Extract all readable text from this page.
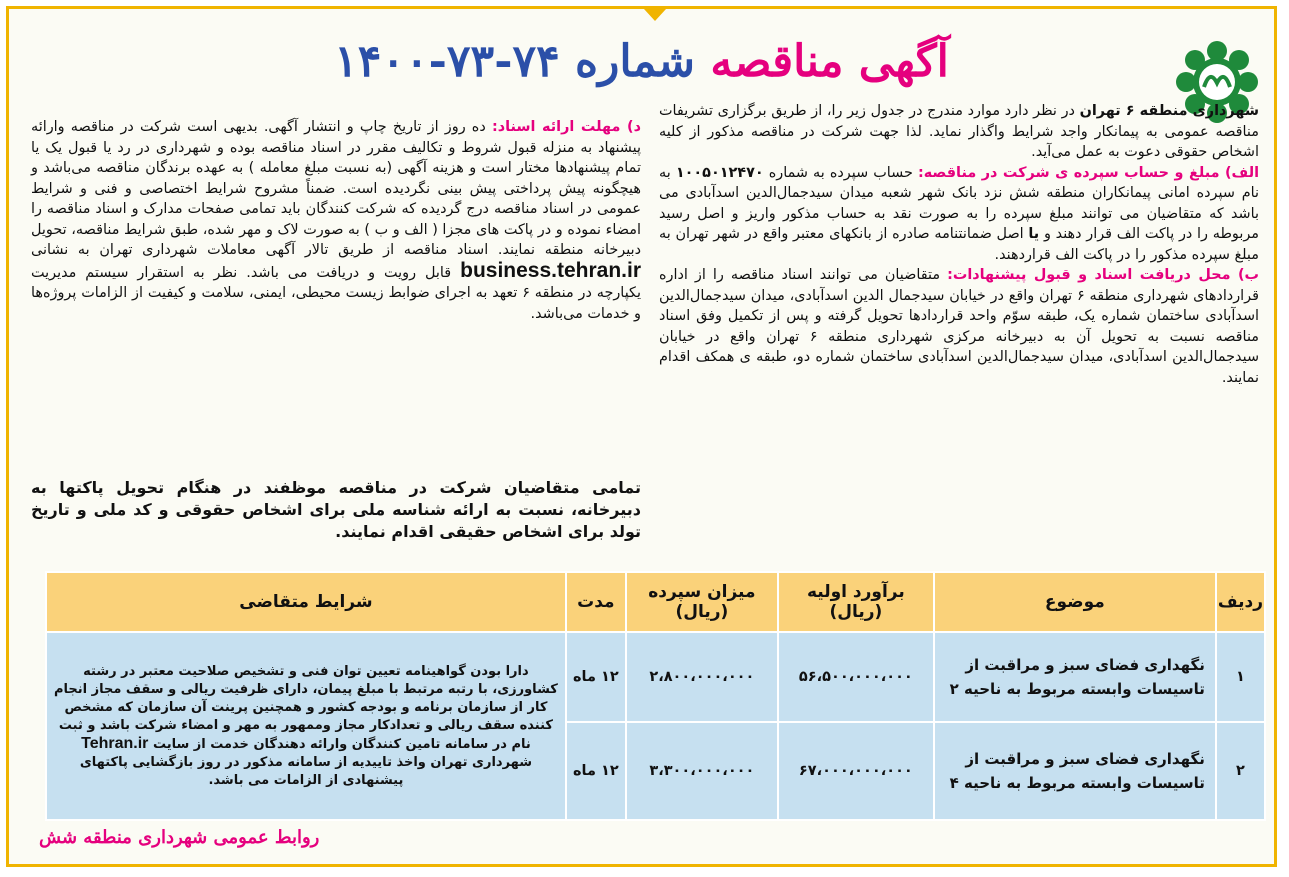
آگهی مناقصه شماره ۷۴-۷۳-۱۴۰۰

شهرداری منطقه ۶ تهران در نظر دارد موارد مندرج در جدول زیر را، از طریق برگزاری تشریفات مناقصه عمومی به پیمانکار واجد شرایط واگذار نماید. لذا جهت شرکت در مناقصه مذکور از کلیه اشخاص حقوقی دعوت به عمل می‌آید.

الف) مبلغ و حساب سپرده ی شرکت در مناقصه: حساب سپرده به شماره ۱۰۰۵۰۱۲۴۷۰ به نام سپرده امانی پیمانکاران منطقه شش نزد بانک شهر شعبه میدان سیدجمال‌الدین اسدآبادی می باشد که متقاضیان می توانند مبلغ سپرده را به صورت نقد به حساب مذکور واریز و اصل رسید مربوطه را در پاکت الف قرار دهند و یا اصل ضمانتنامه صادره از بانکهای معتبر واقع در شهر تهران به مبلغ سپرده مذکور را در پاکت الف قراردهند.

ب) محل دریافت اسناد و قبول پیشنهادات: متقاضیان می توانند اسناد مناقصه را از اداره قراردادهای شهرداری منطقه ۶ تهران واقع در خیابان سیدجمال الدین اسدآبادی، میدان سیدجمال‌الدین اسدآبادی ساختمان شماره یک، طبقه سوّم واحد قراردادها تحویل گرفته و پس از تکمیل وفق اسناد مناقصه نسبت به تحویل آن به دبیرخانه مرکزی شهرداری منطقه ۶ تهران واقع در خیابان سیدجمال‌الدین اسدآبادی، میدان سیدجمال‌الدین اسدآبادی ساختمان شماره دو، طبقه ی همکف اقدام نمایند.

د) مهلت ارائه اسناد: ده روز از تاریخ چاپ و انتشار آگهی. بدیهی است شرکت در مناقصه وارائه پیشنهاد به منزله قبول شروط و تکالیف مقرر در اسناد مناقصه بوده و شهرداری در رد یا قبول یک یا تمام پیشنهادها مختار است و هزینه آگهی (به نسبت مبلغ معامله ) به عهده برندگان مناقصه می‌باشد و هیچگونه پیش پرداختی پیش بینی نگردیده است. ضمناً مشروح شرایط اختصاصی و فنی و شرایط عمومی در اسناد مناقصه درج گردیده که شرکت کنندگان باید تمامی صفحات مدارک و اسناد مناقصه را امضاء نموده و در پاکت های مجزا ( الف و ب ) به صورت لاک و مهر شده، طبق شرایط مناقصه، تحویل دبیرخانه منطقه نمایند. اسناد مناقصه از طریق تالار آگهی معاملات شهرداری تهران به نشانی business.tehran.ir قابل رویت و دریافت می باشد. نظر به استقرار سیستم مدیریت یکپارچه در منطقه ۶ تعهد به اجرای ضوابط زیست محیطی، ایمنی، سلامت و کیفیت از الزامات پروژه‌ها و خدمات می‌باشد.

تمامی متقاضیان شرکت در مناقصه موظفند در هنگام تحویل پاکتها به دبیرخانه، نسبت به ارائه شناسه ملی برای اشخاص حقوقی و کد ملی و تاریخ تولد برای اشخاص حقیقی اقدام نمایند.
ردیف	موضوع	برآورد اولیه (ریال)	میزان سپرده (ریال)	مدت	شرایط متقاضی
۱	نگهداری فضای سبز و مراقبت از تاسیسات وابسته مربوط به ناحیه ۲	۵۶،۵۰۰،۰۰۰،۰۰۰	۲،۸۰۰،۰۰۰،۰۰۰	۱۲ ماه	دارا بودن گواهینامه تعیین توان فنی و تشخیص صلاحیت معتبر در رشته کشاورزی، با رتبه مرتبط با مبلغ پیمان، دارای ظرفیت ریالی و سقف مجاز انجام کار از سازمان برنامه و بودجه کشور و همچنین پرینت آن سازمان که مشخص کننده سقف ریالی و تعدادکار مجاز وممهور به مهر و امضاء شرکت باشد و ثبت نام در سامانه تامین کنندگان وارائه دهندگان خدمت از سایت Tehran.ir شهرداری تهران واخذ تاییدیه از سامانه مذکور در روز بازگشایی پاکتهای پیشنهادی از الزامات می باشد.
۲	نگهداری فضای سبز و مراقبت از تاسیسات وابسته مربوط به ناحیه ۴	۶۷،۰۰۰،۰۰۰،۰۰۰	۳،۳۰۰،۰۰۰،۰۰۰	۱۲ ماه	
روابط عمومی شهرداری منطقه شش
